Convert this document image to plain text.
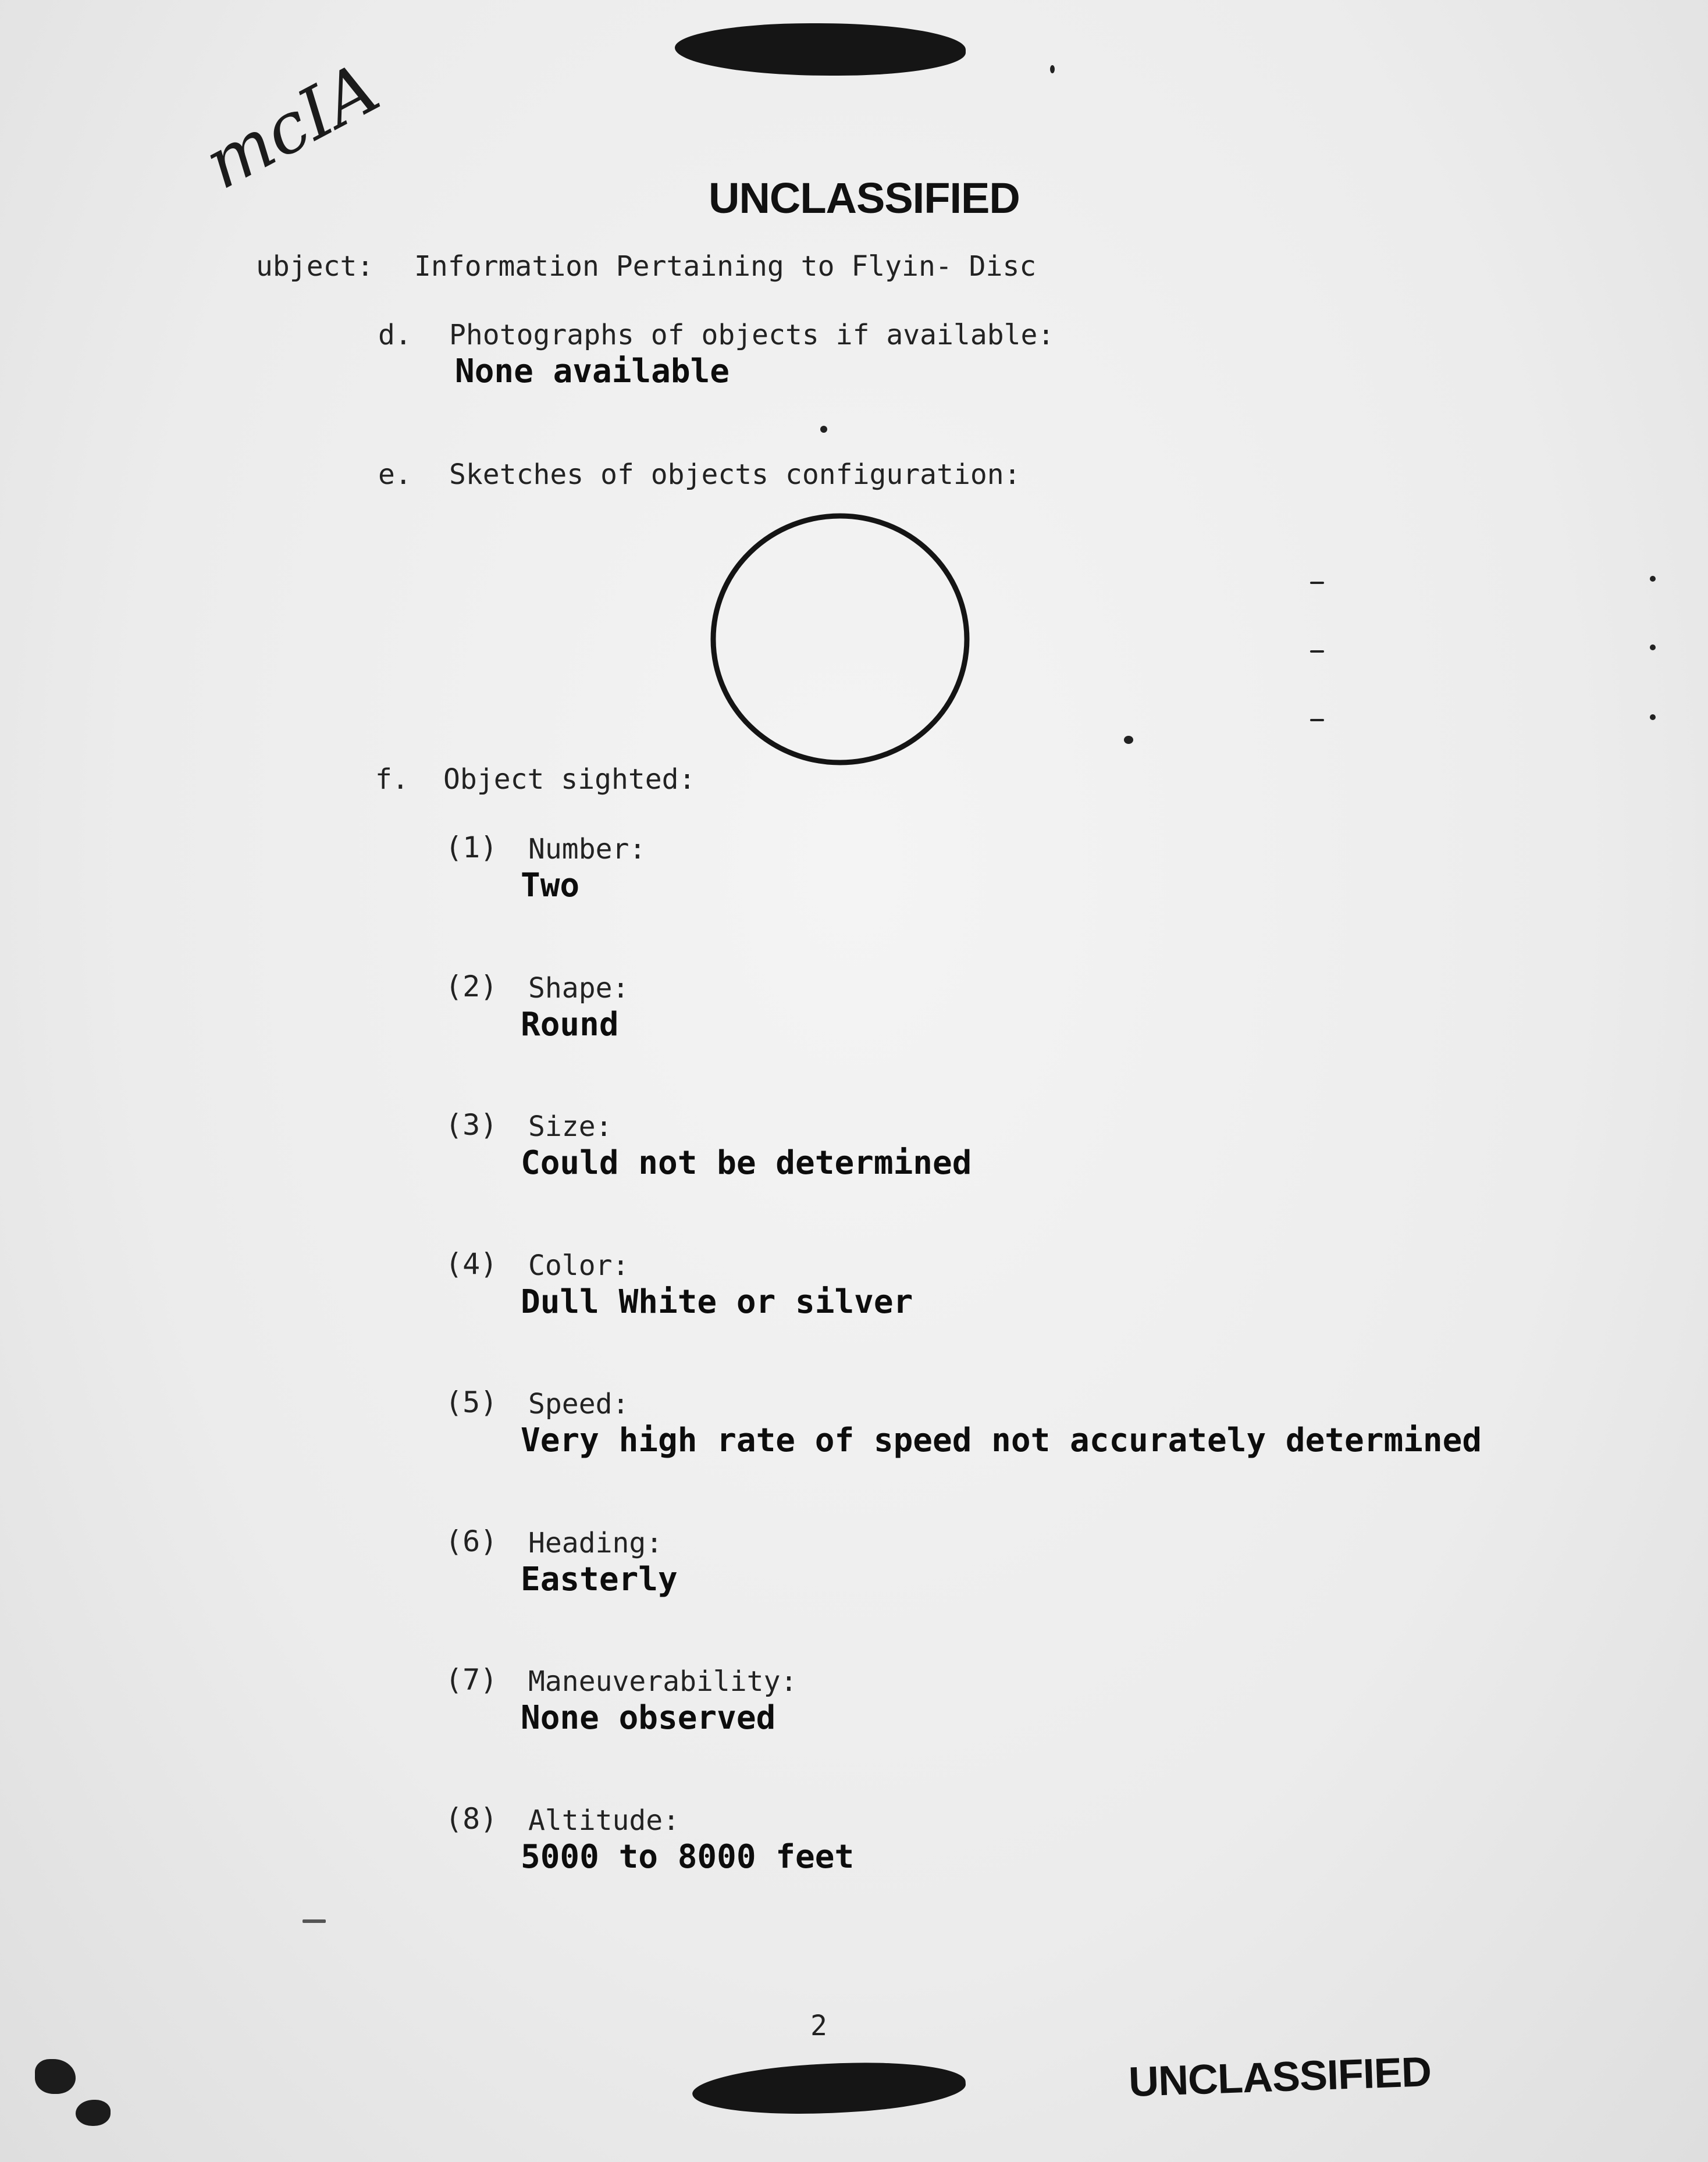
mcIA	UNCLASSIFIED
ubject: Information Pertaining to Flyin- Disc
d. Photographs of objects if available:
None available
e. Sketches of objects configuration:
f. Object sighted:
(1) Number:
Two
(2) Shape:
Round
(3) Size:
Could not be determined
(4) Color:
Dull White or silver
(5) Speed:
Very high rate of speed not accurately determined
(6) Heading:
Easterly
(7) Maneuverability:
None observed
(8) Altitude:
5000 to 8000 feet
2
UNCLASSIFIED
